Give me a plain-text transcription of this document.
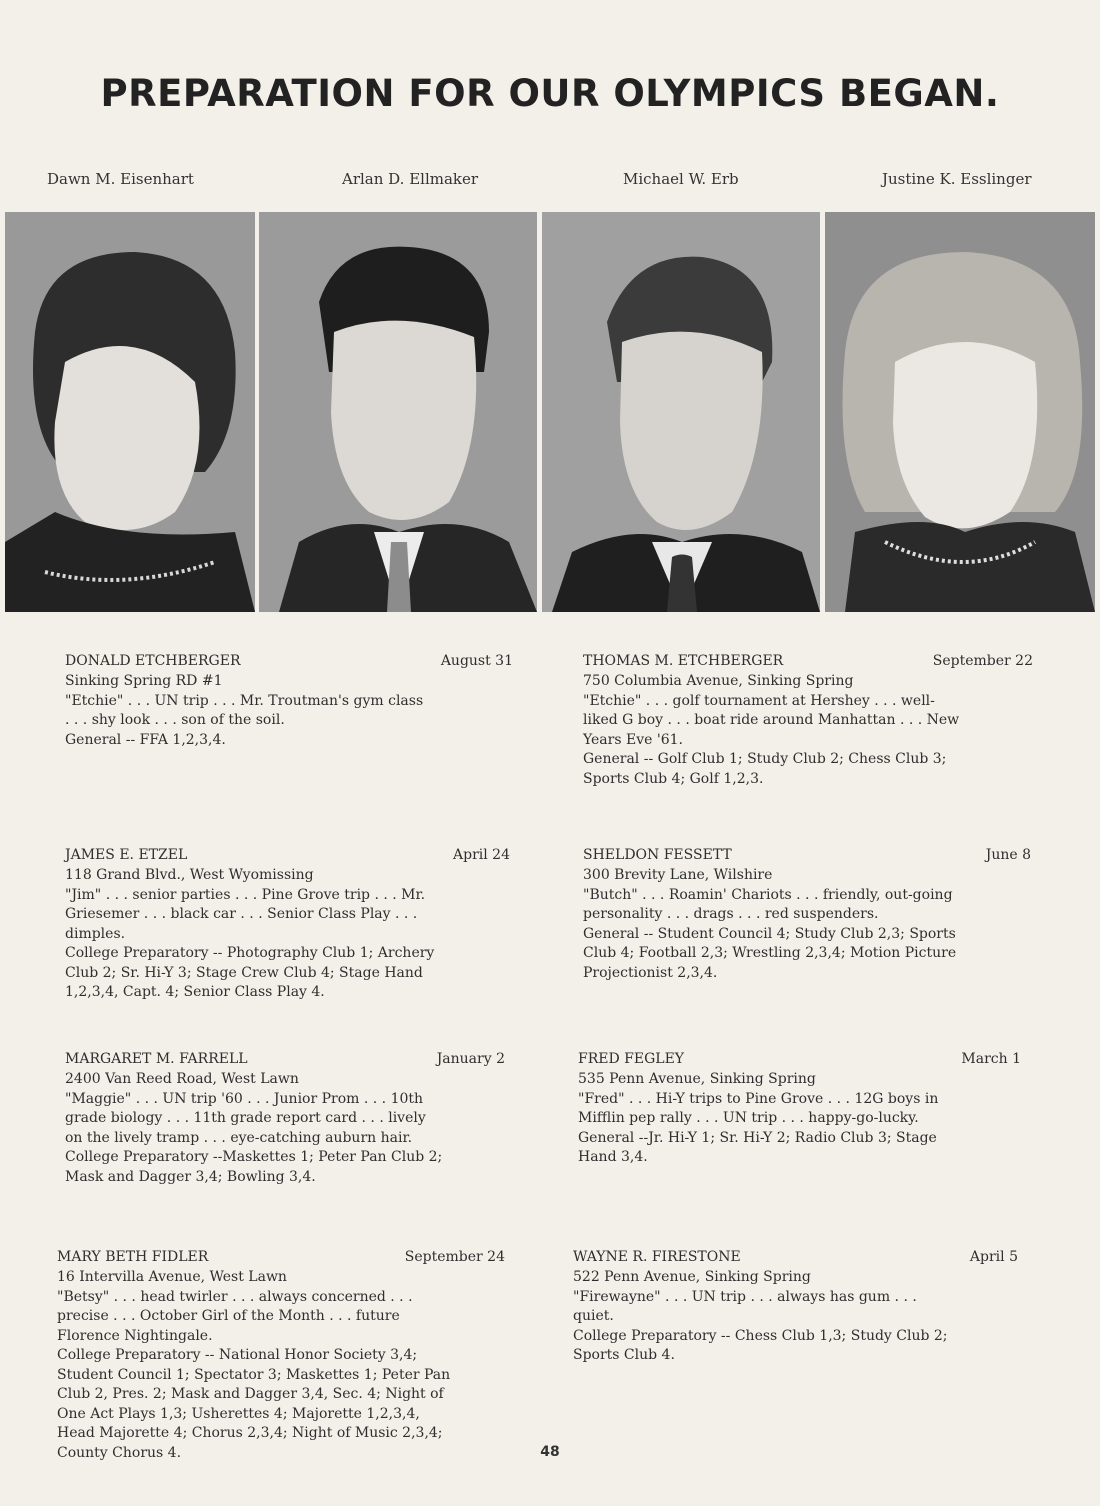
PREPARATION FOR OUR OLYMPICS BEGAN.
Dawn M. Eisenhart	Arlan D. Ellmaker	Michael W. Erb	Justine K. Esslinger
DONALD ETCHBERGER	August 31
Sinking Spring RD #1
"Etchie" . . . UN trip . . . Mr. Troutman's gym class
. . . shy look . . . son of the soil.
General -- FFA 1,2,3,4.
JAMES E. ETZEL	April 24
118 Grand Blvd., West Wyomissing
"Jim" . . . senior parties . . . Pine Grove trip . . . Mr.
Griesemer . . . black car . . . Senior Class Play . . .
dimples.
College Preparatory -- Photography Club 1; Archery
Club 2; Sr. Hi-Y 3; Stage Crew Club 4; Stage Hand
1,2,3,4, Capt. 4; Senior Class Play 4.
MARGARET M. FARRELL	January 2
2400 Van Reed Road, West Lawn
"Maggie" . . . UN trip '60 . . . Junior Prom . . . 10th
grade biology . . . 11th grade report card . . . lively
on the lively tramp . . . eye-catching auburn hair.
College Preparatory --Maskettes 1; Peter Pan Club 2;
Mask and Dagger 3,4; Bowling 3,4.
MARY BETH FIDLER	September 24
16 Intervilla Avenue, West Lawn
"Betsy" . . . head twirler . . . always concerned . . .
precise . . . October Girl of the Month . . . future
Florence Nightingale.
College Preparatory -- National Honor Society 3,4;
Student Council 1; Spectator 3; Maskettes 1; Peter Pan
Club 2, Pres. 2; Mask and Dagger 3,4, Sec. 4; Night of
One Act Plays 1,3; Usherettes 4; Majorette 1,2,3,4,
Head Majorette 4; Chorus 2,3,4; Night of Music 2,3,4;
County Chorus 4.
THOMAS M. ETCHBERGER	September 22
750 Columbia Avenue, Sinking Spring
"Etchie" . . . golf tournament at Hershey . . . well-
liked G boy . . . boat ride around Manhattan . . . New
Years Eve '61.
General -- Golf Club 1; Study Club 2; Chess Club 3;
Sports Club 4; Golf 1,2,3.
SHELDON FESSETT	June 8
300 Brevity Lane, Wilshire
"Butch" . . . Roamin' Chariots . . . friendly, out-going
personality . . . drags . . . red suspenders.
General -- Student Council 4; Study Club 2,3; Sports
Club 4; Football 2,3; Wrestling 2,3,4; Motion Picture
Projectionist 2,3,4.
FRED FEGLEY	March 1
535 Penn Avenue, Sinking Spring
"Fred" . . . Hi-Y trips to Pine Grove . . . 12G boys in
Mifflin pep rally . . . UN trip . . . happy-go-lucky.
General --Jr. Hi-Y 1; Sr. Hi-Y 2; Radio Club 3; Stage
Hand 3,4.
WAYNE R. FIRESTONE	April 5
522 Penn Avenue, Sinking Spring
"Firewayne" . . . UN trip . . . always has gum . . .
quiet.
College Preparatory -- Chess Club 1,3; Study Club 2;
Sports Club 4.
48
